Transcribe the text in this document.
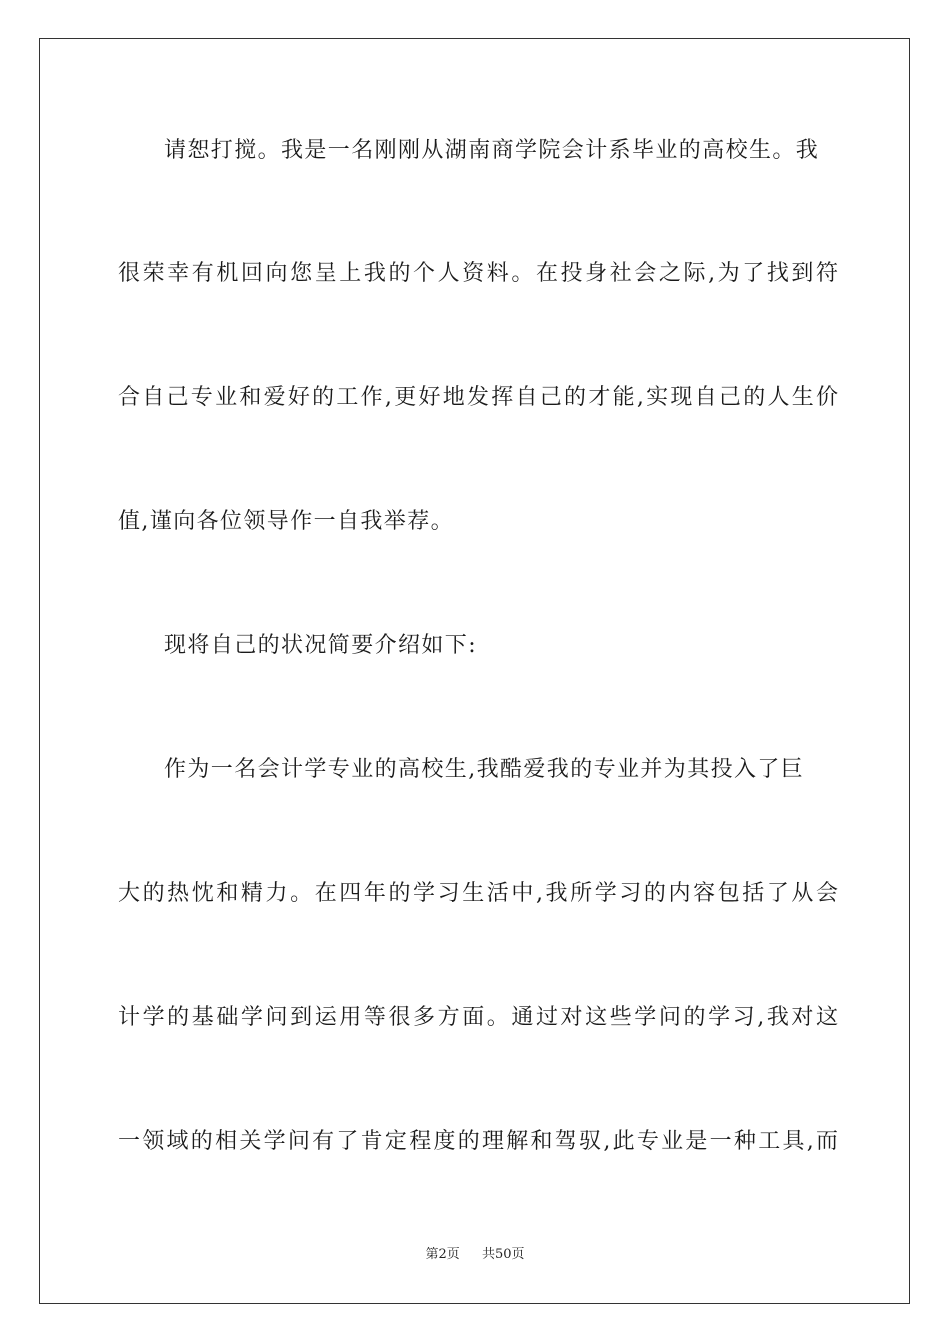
请恕打搅。我是一名刚刚从湖南商学院会计系毕业的高校生。我
很荣幸有机回向您呈上我的个人资料。在投身社会之际,为了找到符
合自己专业和爱好的工作,更好地发挥自己的才能,实现自己的人生价
值,谨向各位领导作一自我举荐。
现将自己的状况简要介绍如下:
作为一名会计学专业的高校生,我酷爱我的专业并为其投入了巨
大的热忱和精力。在四年的学习生活中,我所学习的内容包括了从会
计学的基础学问到运用等很多方面。通过对这些学问的学习,我对这
一领域的相关学问有了肯定程度的理解和驾驭,此专业是一种工具,而
第2页 共50页
